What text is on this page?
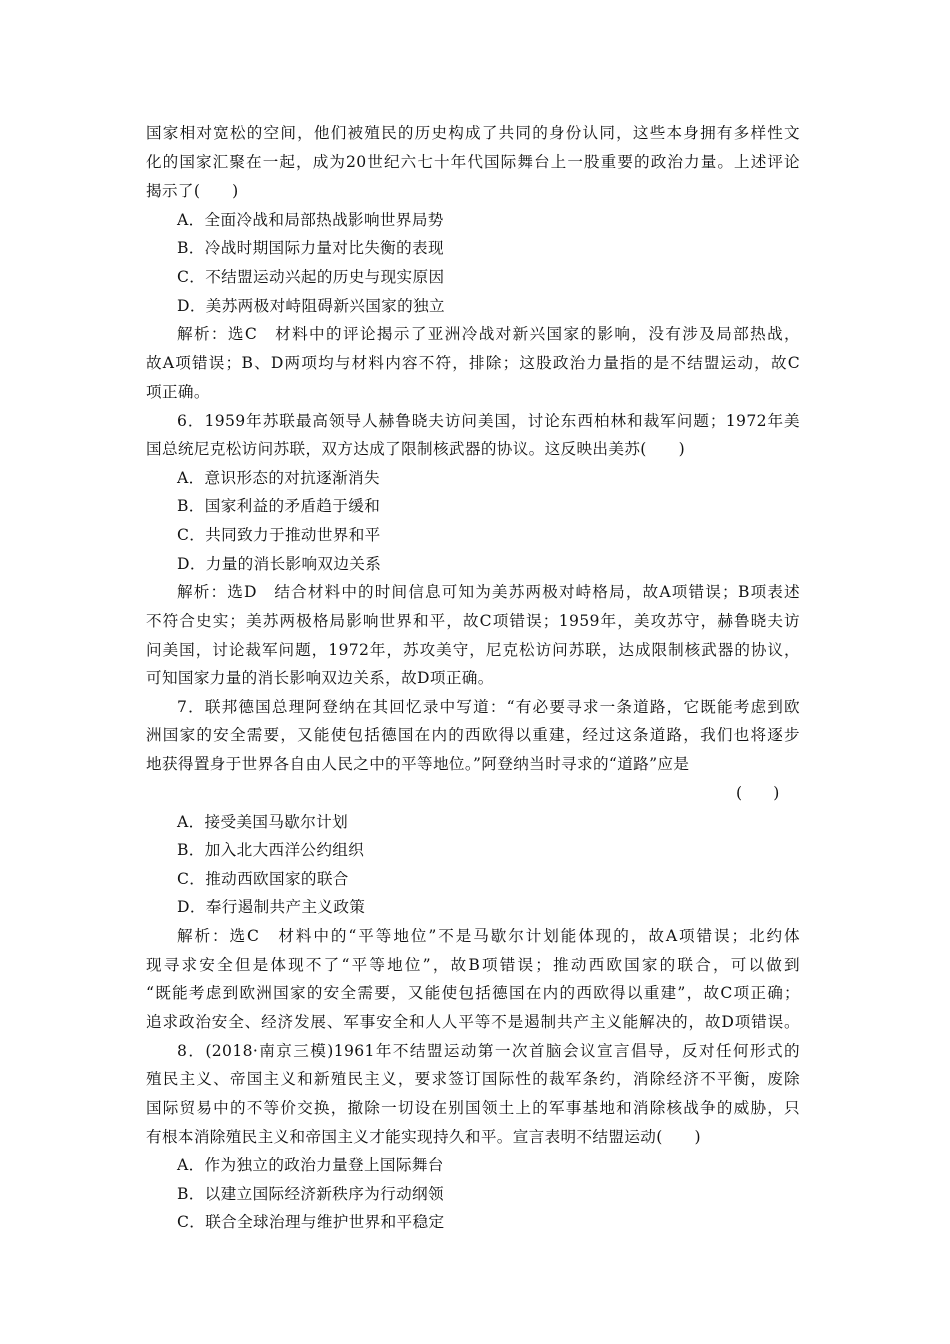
国家相对宽松的空间，他们被殖民的历史构成了共同的身份认同，这些本身拥有多样性文
化的国家汇聚在一起，成为20世纪六七十年代国际舞台上一股重要的政治力量。上述评论
揭示了(　　)
A．全面冷战和局部热战影响世界局势
B．冷战时期国际力量对比失衡的表现
C．不结盟运动兴起的历史与现实原因
D．美苏两极对峙阻碍新兴国家的独立
解析：选C　材料中的评论揭示了亚洲冷战对新兴国家的影响，没有涉及局部热战，
故A项错误；B、D两项均与材料内容不符，排除；这股政治力量指的是不结盟运动，故C
项正确。
6．1959年苏联最高领导人赫鲁晓夫访问美国，讨论东西柏林和裁军问题；1972年美
国总统尼克松访问苏联，双方达成了限制核武器的协议。这反映出美苏(　　)
A．意识形态的对抗逐渐消失
B．国家利益的矛盾趋于缓和
C．共同致力于推动世界和平
D．力量的消长影响双边关系
解析：选D　结合材料中的时间信息可知为美苏两极对峙格局，故A项错误；B项表述
不符合史实；美苏两极格局影响世界和平，故C项错误；1959年，美攻苏守，赫鲁晓夫访
问美国，讨论裁军问题，1972年，苏攻美守，尼克松访问苏联，达成限制核武器的协议，
可知国家力量的消长影响双边关系，故D项正确。
7．联邦德国总理阿登纳在其回忆录中写道：“有必要寻求一条道路，它既能考虑到欧
洲国家的安全需要，又能使包括德国在内的西欧得以重建，经过这条道路，我们也将逐步
地获得置身于世界各自由人民之中的平等地位。”阿登纳当时寻求的“道路”应是
(　　)
A．接受美国马歇尔计划
B．加入北大西洋公约组织
C．推动西欧国家的联合
D．奉行遏制共产主义政策
解析：选C　材料中的“平等地位”不是马歇尔计划能体现的，故A项错误；北约体
现寻求安全但是体现不了“平等地位”，故B项错误；推动西欧国家的联合，可以做到
“既能考虑到欧洲国家的安全需要，又能使包括德国在内的西欧得以重建”，故C项正确；
追求政治安全、经济发展、军事安全和人人平等不是遏制共产主义能解决的，故D项错误。
8．(2018·南京三模)1961年不结盟运动第一次首脑会议宣言倡导，反对任何形式的
殖民主义、帝国主义和新殖民主义，要求签订国际性的裁军条约，消除经济不平衡，废除
国际贸易中的不等价交换，撤除一切设在别国领土上的军事基地和消除核战争的威胁，只
有根本消除殖民主义和帝国主义才能实现持久和平。宣言表明不结盟运动(　　)
A．作为独立的政治力量登上国际舞台
B．以建立国际经济新秩序为行动纲领
C．联合全球治理与维护世界和平稳定
